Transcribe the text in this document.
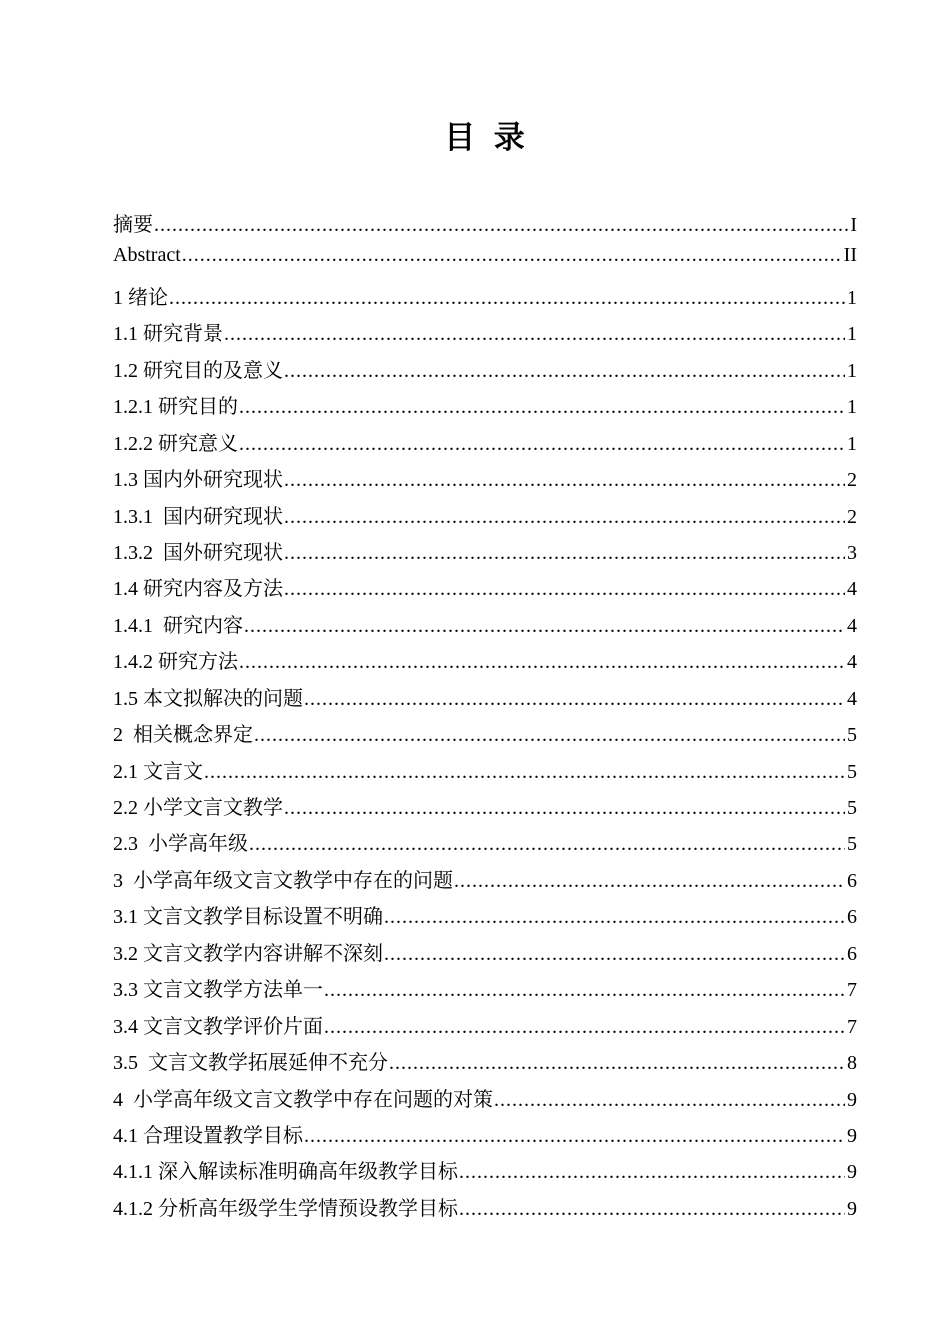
目  录
摘要 .....	I
Abstract .....	II
1 绪论 .....	1
1.1 研究背景 .....	1
1.2 研究目的及意义 .....	1
1.2.1 研究目的 .....	1
1.2.2 研究意义 .....	1
1.3 国内外研究现状 .....	2
1.3.1  国内研究现状 .....	2
1.3.2  国外研究现状 .....	3
1.4 研究内容及方法 .....	4
1.4.1  研究内容 .....	4
1.4.2 研究方法 .....	4
1.5 本文拟解决的问题 .....	4
2  相关概念界定 .....	5
2.1 文言文 .....	5
2.2 小学文言文教学 .....	5
2.3  小学高年级 .....	5
3  小学高年级文言文教学中存在的问题 .....	6
3.1 文言文教学目标设置不明确 .....	6
3.2 文言文教学内容讲解不深刻 .....	6
3.3 文言文教学方法单一 .....	7
3.4 文言文教学评价片面 .....	7
3.5  文言文教学拓展延伸不充分 .....	8
4  小学高年级文言文教学中存在问题的对策 .....	9
4.1 合理设置教学目标 .....	9
4.1.1 深入解读标准明确高年级教学目标 .....	9
4.1.2 分析高年级学生学情预设教学目标 .....	9
